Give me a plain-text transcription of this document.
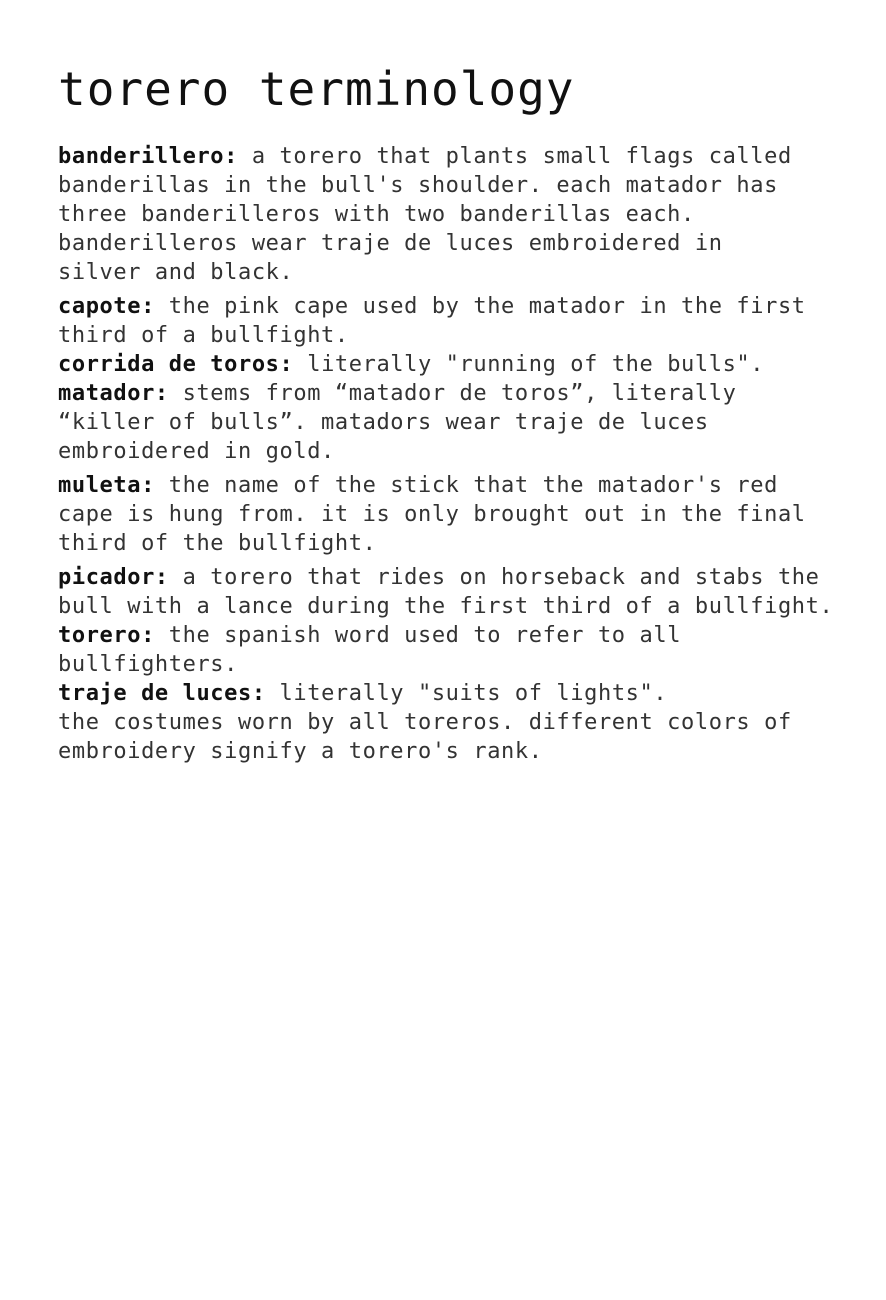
torero terminology
banderillero: a torero that plants small flags called
banderillas in the bull's shoulder. each matador has
three banderilleros with two banderillas each.
banderilleros wear traje de luces embroidered in
silver and black.
capote: the pink cape used by the matador in the first
third of a bullfight.
corrida de toros: literally "running of the bulls".
matador: stems from “matador de toros”, literally
“killer of bulls”. matadors wear traje de luces
embroidered in gold.
muleta: the name of the stick that the matador's red
cape is hung from. it is only brought out in the final
third of the bullfight.
picador: a torero that rides on horseback and stabs the
bull with a lance during the first third of a bullfight.
torero: the spanish word used to refer to all
bullfighters.
traje de luces: literally "suits of lights".
the costumes worn by all toreros. different colors of
embroidery signify a torero's rank.
